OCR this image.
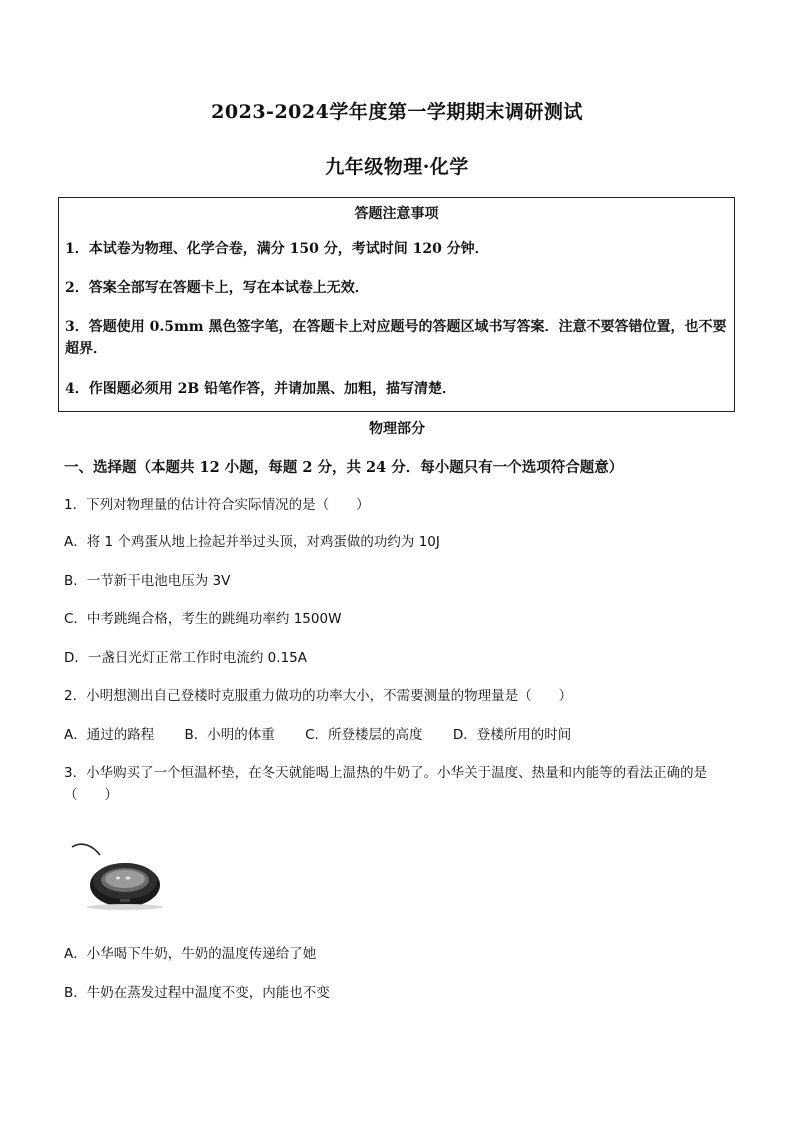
2023-2024学年度第一学期期末调研测试
九年级物理·化学
答题注意事项
1．本试卷为物理、化学合卷，满分 150 分，考试时间 120 分钟．
2．答案全部写在答题卡上，写在本试卷上无效．
3．答题使用 0.5mm 黑色签字笔，在答题卡上对应题号的答题区域书写答案．注意不要答错位置，也不要超界．
4．作图题必须用 2B 铅笔作答，并请加黑、加粗，描写清楚．
物理部分
一、选择题（本题共 12 小题，每题 2 分，共 24 分．每小题只有一个选项符合题意）
1．下列对物理量的估计符合实际情况的是（　　）
A．将 1 个鸡蛋从地上捡起并举过头顶，对鸡蛋做的功约为 10J
B．一节新干电池电压为 3V
C．中考跳绳合格，考生的跳绳功率约 1500W
D．一盏日光灯正常工作时电流约 0.15A
2．小明想测出自己登楼时克服重力做功的功率大小，不需要测量的物理量是（　　）
A．通过的路程 B．小明的体重 C．所登楼层的高度 D．登楼所用的时间
3．小华购买了一个恒温杯垫，在冬天就能喝上温热的牛奶了。小华关于温度、热量和内能等的看法正确的是（　　）
A．小华喝下牛奶，牛奶的温度传递给了她
B．牛奶在蒸发过程中温度不变，内能也不变
